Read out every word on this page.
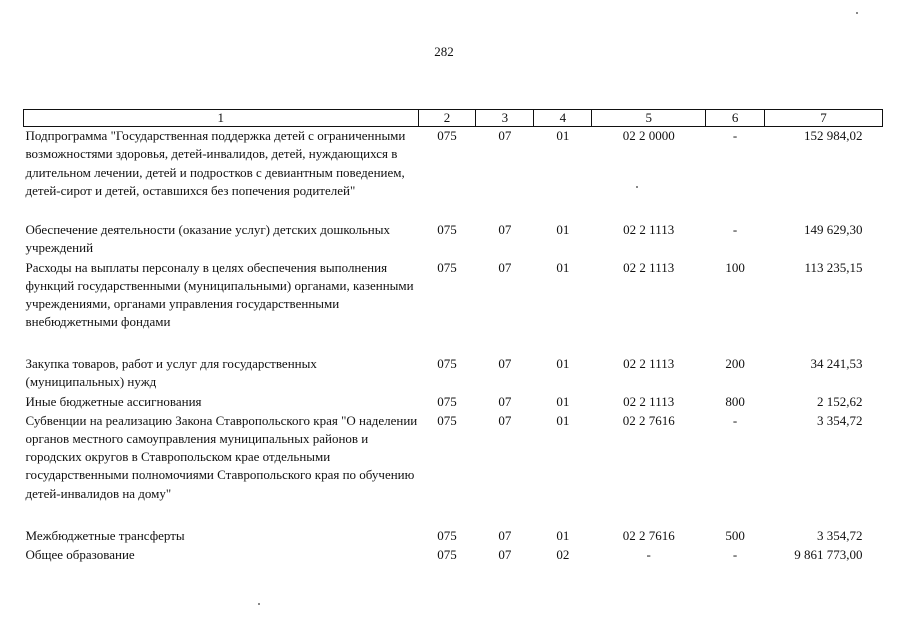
282
1	2	3	4	5	6	7
Подпрограмма "Государственная поддержка детей с ограниченными возможностями здоровья, детей-инвалидов, детей, нуждающихся в длительном лечении, детей и подростков с девиантным поведением, детей-сирот и детей, оставшихся без попечения родителей"	075	07	01	02 2 0000	-	152 984,02
Обеспечение деятельности (оказание услуг) детских дошкольных учреждений	075	07	01	02 2 1113	-	149 629,30
Расходы на выплаты персоналу в целях обеспечения выполнения функций государственными (муниципальными) органами, казенными учреждениями, органами управления государственными внебюджетными фондами	075	07	01	02 2 1113	100	113 235,15
Закупка товаров, работ и услуг для государственных (муниципальных) нужд	075	07	01	02 2 1113	200	34 241,53
Иные бюджетные ассигнования	075	07	01	02 2 1113	800	2 152,62
Субвенции на реализацию Закона Ставропольского края "О наделении органов местного самоуправления муниципальных районов и городских округов в Ставропольском крае отдельными государственными полномочиями Ставропольского края по обучению детей-инвалидов на дому"	075	07	01	02 2 7616	-	3 354,72
Межбюджетные трансферты	075	07	01	02 2 7616	500	3 354,72
Общее образование	075	07	02	-	-	9 861 773,00
